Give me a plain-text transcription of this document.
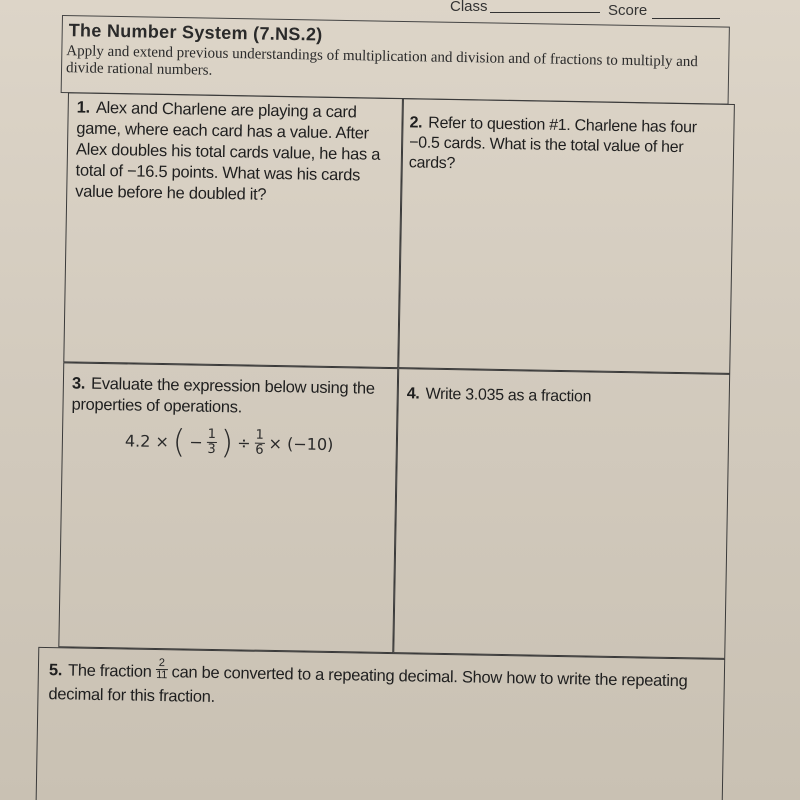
Class	Score
The Number System (7.NS.2)
Apply and extend previous understandings of multiplication and division and of fractions to multiply and divide rational numbers.
1. Alex and Charlene are playing a card game, where each card has a value. After Alex doubles his total cards value, he has a total of −16.5 points. What was his cards value before he doubled it?
2. Refer to question #1. Charlene has four −0.5 cards. What is the total value of her cards?
3. Evaluate the expression below using the properties of operations.
4.2 × ( − $\frac{1}{3}$ ) ÷ $\frac{1}{6} \times (-10)$
4. Write 3.035 as a fraction
5. The fraction $\frac{2}{11}$ can be converted to a repeating decimal. Show how to write the repeating decimal for this fraction.
